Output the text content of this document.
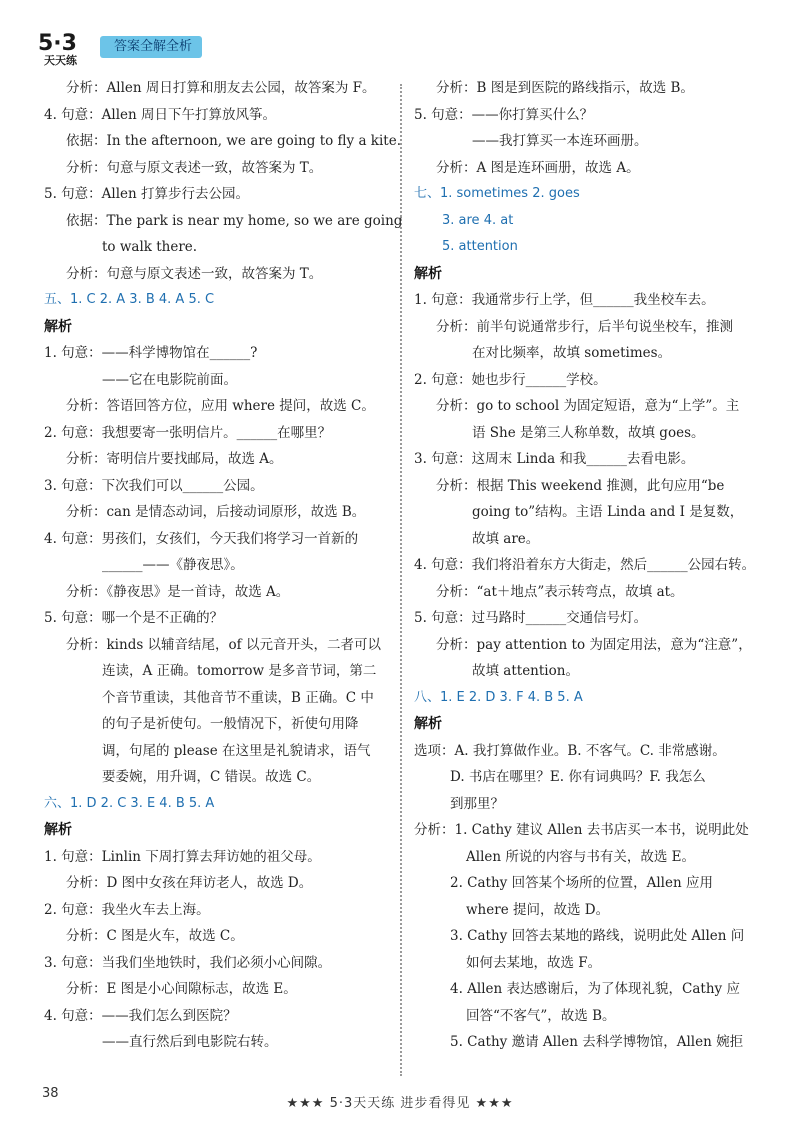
5·3
天天练
答案全解全析
分析：Allen 周日打算和朋友去公园，故答案为 F。
4. 句意：Allen 周日下午打算放风筝。
依据：In the afternoon, we are going to fly a kite.
分析：句意与原文表述一致，故答案为 T。
5. 句意：Allen 打算步行去公园。
依据：The park is near my home, so we are going
to walk there.
分析：句意与原文表述一致，故答案为 T。
五、1. C 2. A 3. B 4. A 5. C
解析
1. 句意：——科学博物馆在______?
——它在电影院前面。
分析：答语回答方位，应用 where 提问，故选 C。
2. 句意：我想要寄一张明信片。______在哪里？
分析：寄明信片要找邮局，故选 A。
3. 句意：下次我们可以______公园。
分析：can 是情态动词，后接动词原形，故选 B。
4. 句意：男孩们，女孩们，今天我们将学习一首新的
______——《静夜思》。
分析：《静夜思》是一首诗，故选 A。
5. 句意：哪一个是不正确的？
分析：kinds 以辅音结尾，of 以元音开头，二者可以
连读，A 正确。tomorrow 是多音节词，第二
个音节重读，其他音节不重读，B 正确。C 中
的句子是祈使句。一般情况下，祈使句用降
调，句尾的 please 在这里是礼貌请求，语气
要委婉，用升调，C 错误。故选 C。
六、1. D 2. C 3. E 4. B 5. A
解析
1. 句意：Linlin 下周打算去拜访她的祖父母。
分析：D 图中女孩在拜访老人，故选 D。
2. 句意：我坐火车去上海。
分析：C 图是火车，故选 C。
3. 句意：当我们坐地铁时，我们必须小心间隙。
分析：E 图是小心间隙标志，故选 E。
4. 句意：——我们怎么到医院？
——直行然后到电影院右转。
分析：B 图是到医院的路线指示，故选 B。
5. 句意：——你打算买什么？
——我打算买一本连环画册。
分析：A 图是连环画册，故选 A。
七、1. sometimes 2. goes
3. are 4. at
5. attention
解析
1. 句意：我通常步行上学，但______我坐校车去。
分析：前半句说通常步行，后半句说坐校车，推测
在对比频率，故填 sometimes。
2. 句意：她也步行______学校。
分析：go to school 为固定短语，意为“上学”。主
语 She 是第三人称单数，故填 goes。
3. 句意：这周末 Linda 和我______去看电影。
分析：根据 This weekend 推测，此句应用“be
going to”结构。主语 Linda and I 是复数，
故填 are。
4. 句意：我们将沿着东方大街走，然后______公园右转。
分析：“at＋地点”表示转弯点，故填 at。
5. 句意：过马路时______交通信号灯。
分析：pay attention to 为固定用法，意为“注意”，
故填 attention。
八、1. E 2. D 3. F 4. B 5. A
解析
选项：A. 我打算做作业。B. 不客气。C. 非常感谢。
D. 书店在哪里？E. 你有词典吗？F. 我怎么
到那里？
分析：1. Cathy 建议 Allen 去书店买一本书，说明此处
Allen 所说的内容与书有关，故选 E。
2. Cathy 回答某个场所的位置，Allen 应用
where 提问，故选 D。
3. Cathy 回答去某地的路线，说明此处 Allen 问
如何去某地，故选 F。
4. Allen 表达感谢后，为了体现礼貌，Cathy 应
回答“不客气”，故选 B。
5. Cathy 邀请 Allen 去科学博物馆，Allen 婉拒
38
★★★ 5·3天天练 进步看得见 ★★★
